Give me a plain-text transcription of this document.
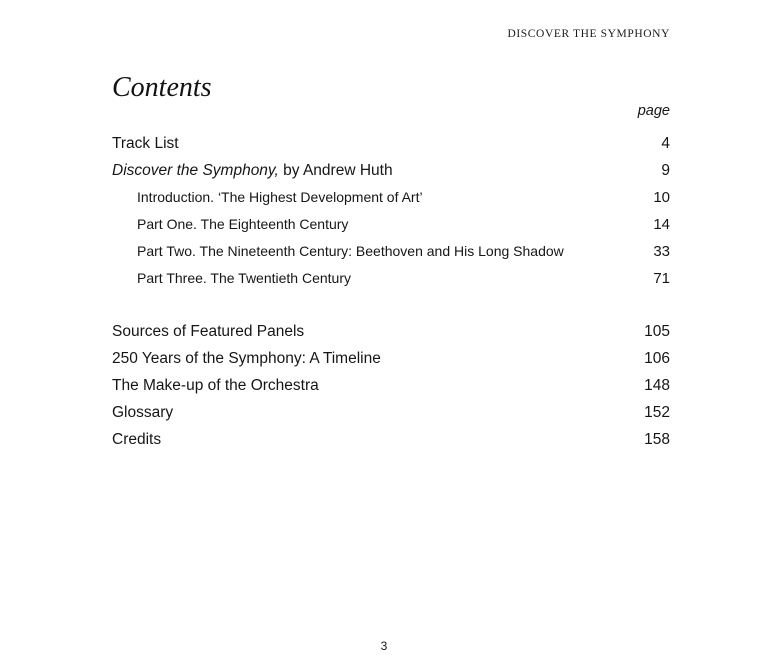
DISCOVER THE SYMPHONY
Contents
page
Track List	4
Discover the Symphony, by Andrew Huth	9
Introduction. ‘The Highest Development of Art’	10
Part One. The Eighteenth Century	14
Part Two. The Nineteenth Century: Beethoven and His Long Shadow	33
Part Three. The Twentieth Century	71
Sources of Featured Panels	105
250 Years of the Symphony: A Timeline	106
The Make-up of the Orchestra	148
Glossary	152
Credits	158
3
